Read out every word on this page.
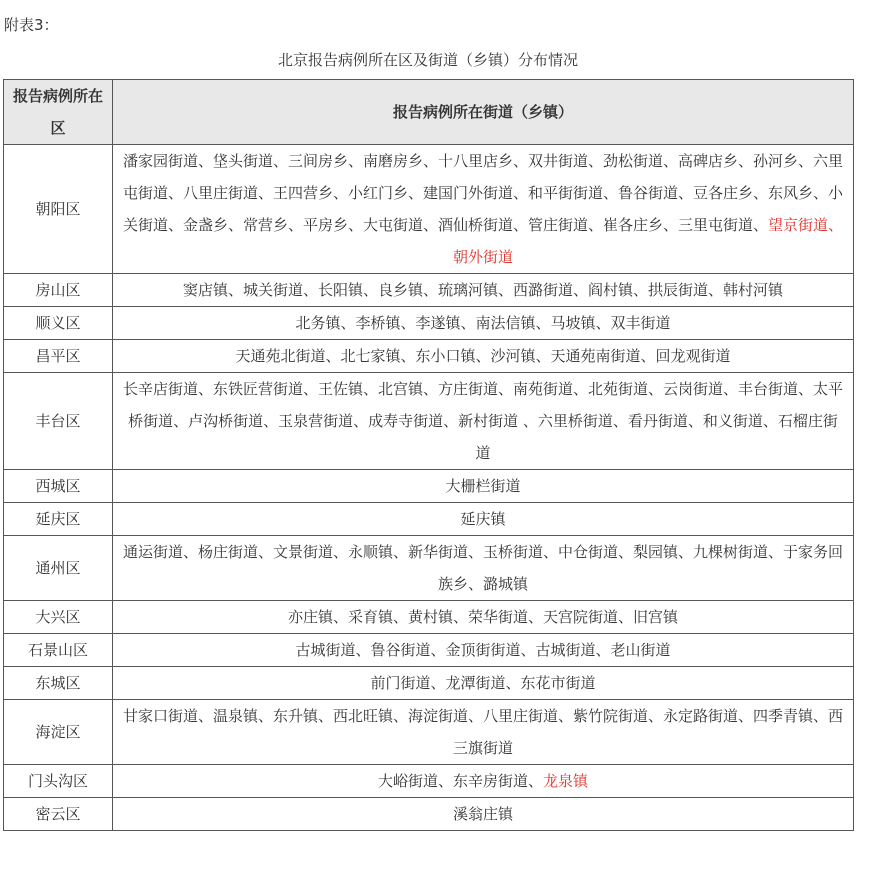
附表3：
北京报告病例所在区及街道（乡镇）分布情况
报告病例所在区	报告病例所在街道（乡镇）
朝阳区	潘家园街道、垡头街道、三间房乡、南磨房乡、十八里店乡、双井街道、劲松街道、高碑店乡、孙河乡、六里屯街道、八里庄街道、王四营乡、小红门乡、建国门外街道、和平街街道、鲁谷街道、豆各庄乡、东风乡、小关街道、金盏乡、常营乡、平房乡、大屯街道、酒仙桥街道、管庄街道、崔各庄乡、三里屯街道、望京街道、朝外街道
房山区	窦店镇、城关街道、长阳镇、良乡镇、琉璃河镇、西潞街道、阎村镇、拱辰街道、韩村河镇
顺义区	北务镇、李桥镇、李遂镇、南法信镇、马坡镇、双丰街道
昌平区	天通苑北街道、北七家镇、东小口镇、沙河镇、天通苑南街道、回龙观街道
丰台区	长辛店街道、东铁匠营街道、王佐镇、北宫镇、方庄街道、南苑街道、北苑街道、云岗街道、丰台街道、太平桥街道、卢沟桥街道、玉泉营街道、成寿寺街道、新村街道 、六里桥街道、看丹街道、和义街道、石榴庄街道
西城区	大栅栏街道
延庆区	延庆镇
通州区	通运街道、杨庄街道、文景街道、永顺镇、新华街道、玉桥街道、中仓街道、梨园镇、九棵树街道、于家务回族乡、潞城镇
大兴区	亦庄镇、采育镇、黄村镇、荣华街道、天宫院街道、旧宫镇
石景山区	古城街道、鲁谷街道、金顶街街道、古城街道、老山街道
东城区	前门街道、龙潭街道、东花市街道
海淀区	甘家口街道、温泉镇、东升镇、西北旺镇、海淀街道、八里庄街道、紫竹院街道、永定路街道、四季青镇、西三旗街道
门头沟区	大峪街道、东辛房街道、龙泉镇
密云区	溪翁庄镇
